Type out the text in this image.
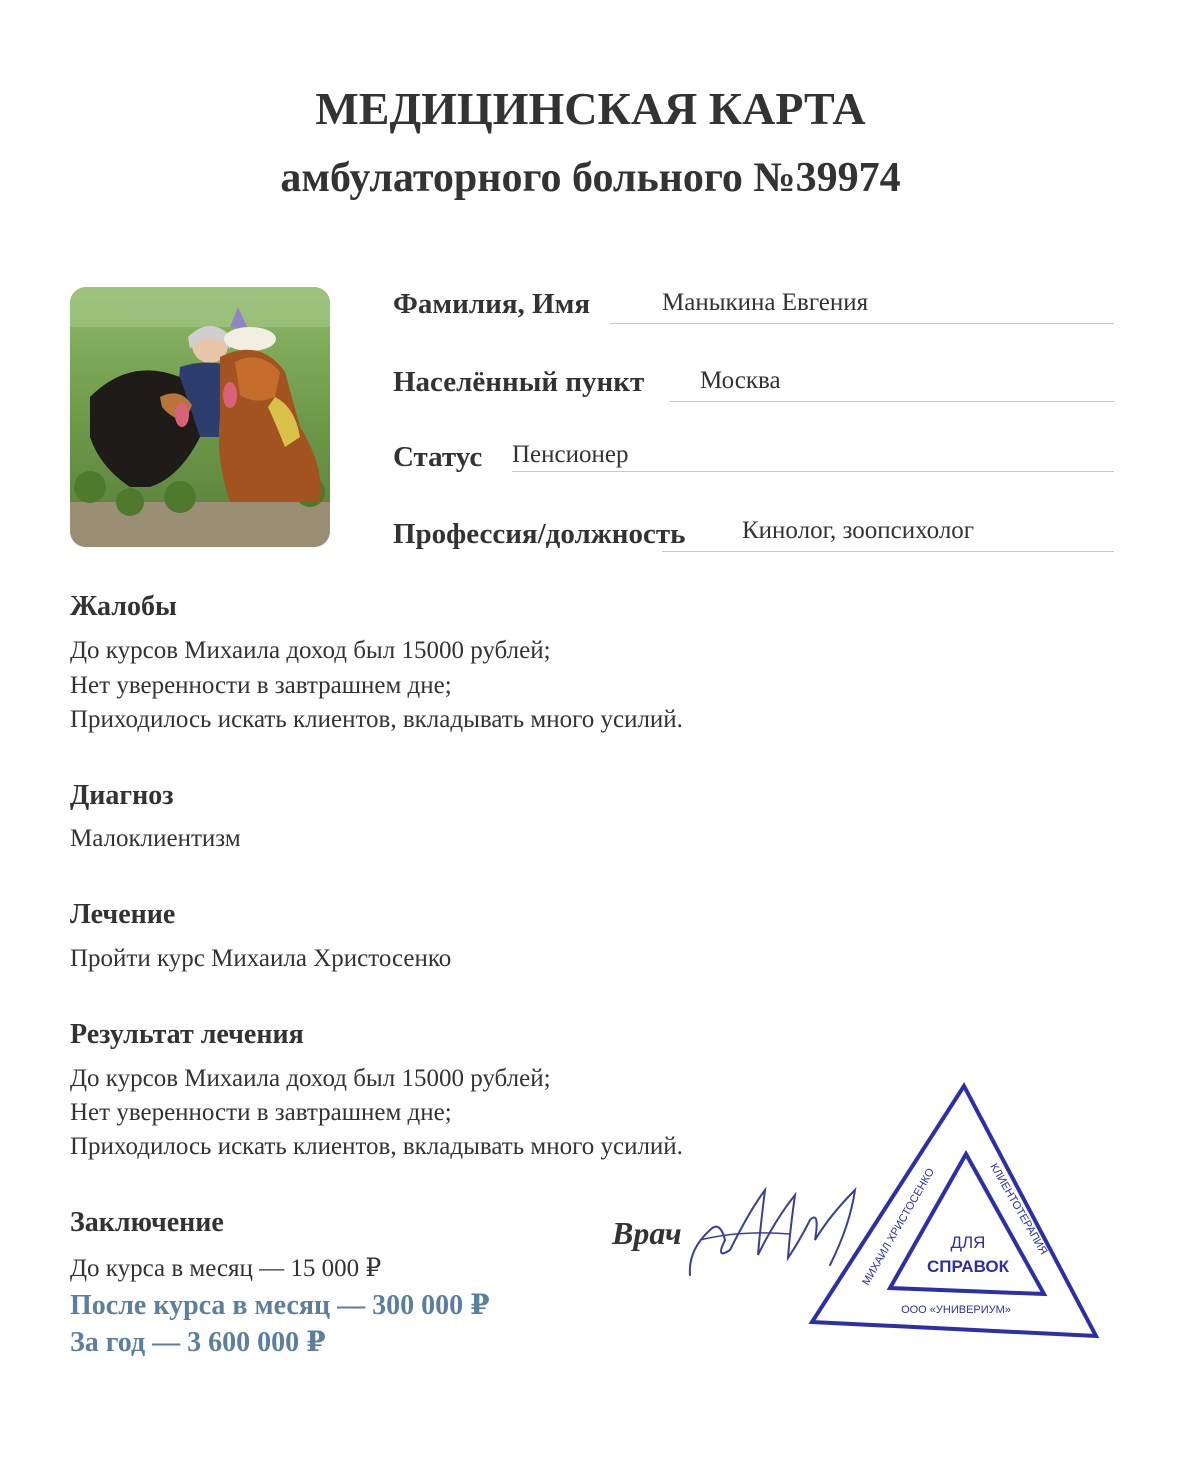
МЕДИЦИНСКАЯ КАРТА
амбулаторного больного №39974
Фамилия, Имя	Маныкина Евгения
Населённый пункт Москва
Статус Пенсионер
Профессия/должность Кинолог, зоопсихолог
Жалобы
До курсов Михаила доход был 15000 рублей;
Нет уверенности в завтрашнем дне;
Приходилось искать клиентов, вкладывать много усилий.
Диагноз
Малоклиентизм
Лечение
Пройти курс Михаила Христосенко
Результат лечения
До курсов Михаила доход был 15000 рублей;
Нет уверенности в завтрашнем дне;
Приходилось искать клиентов, вкладывать много усилий.
Заключение
До курса в месяц — 15 000 ₽
После курса в месяц — 300 000 ₽
За год — 3 600 000 ₽
Врач	ДЛЯ
СПРАВОК
МИХАИЛ ХРИСТОСЕНКО	КЛИЕНТОТЕРАПИЯ
ООО «УНИВЕРИУМ»
